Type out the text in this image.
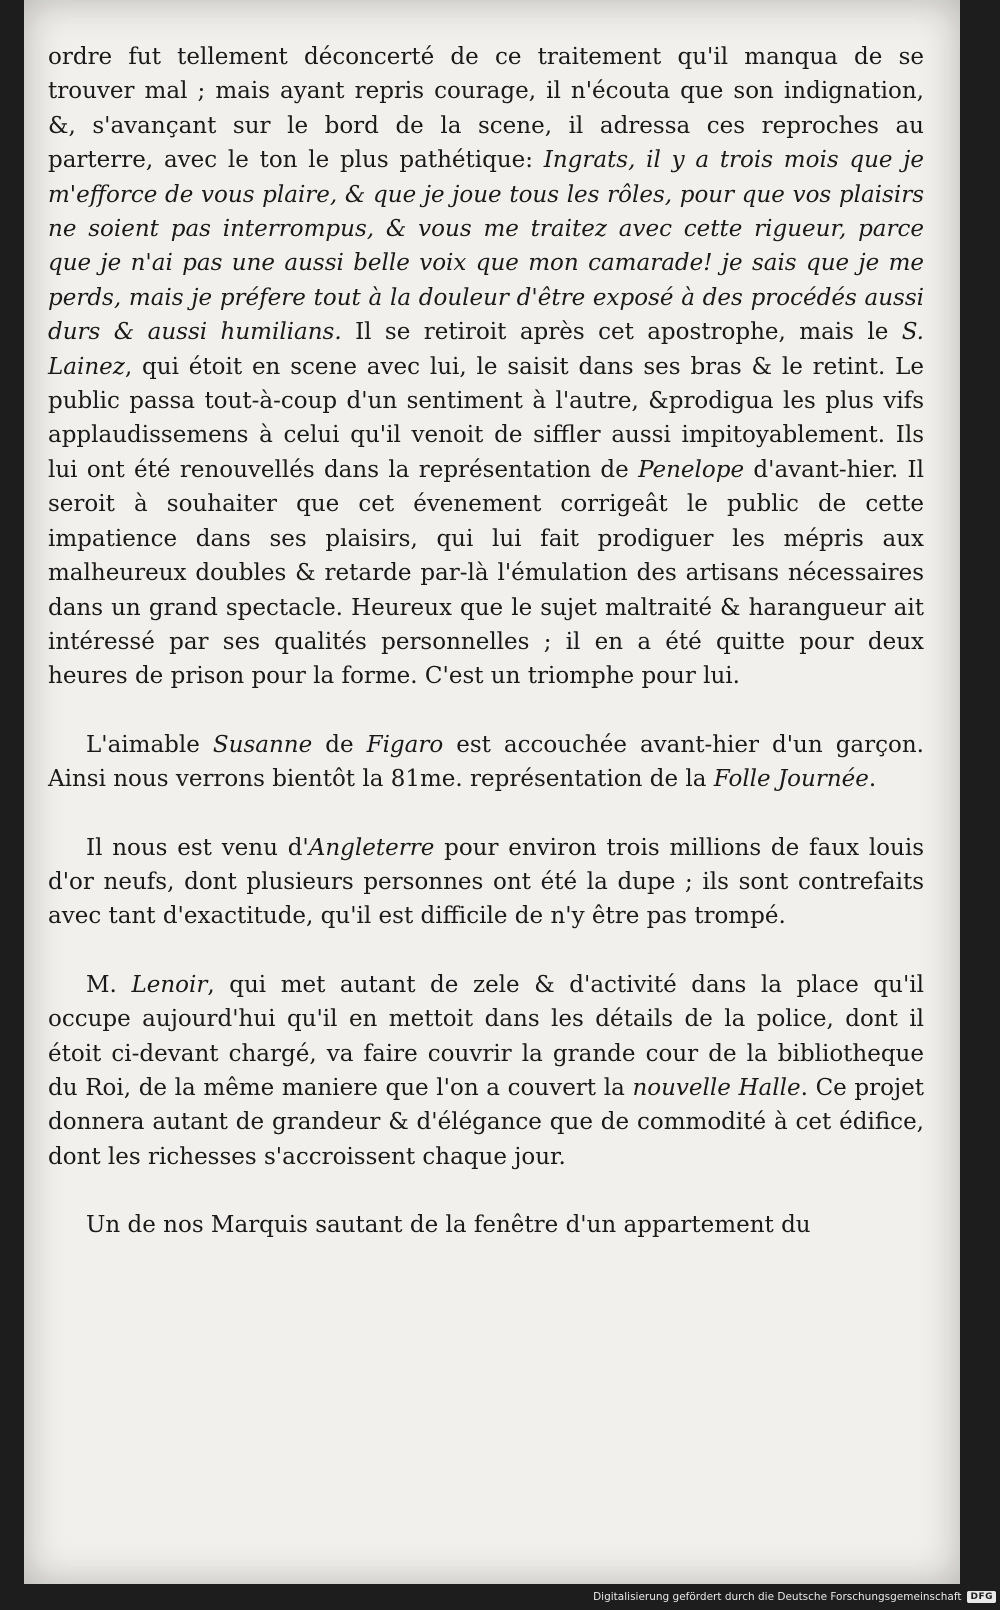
ordre fut tellement déconcerté de ce traitement qu'il manqua de se trouver mal ; mais ayant repris courage, il n'écouta que son indignation, &, s'avançant sur le bord de la scene, il adressa ces reproches au parterre, avec le ton le plus pathétique: Ingrats, il y a trois mois que je m'efforce de vous plaire, & que je joue tous les rôles, pour que vos plaisirs ne soient pas interrompus, & vous me traitez avec cette rigueur, parce que je n'ai pas une aussi belle voix que mon camarade! je sais que je me perds, mais je préfere tout à la douleur d'être exposé à des procédés aussi durs & aussi humilians. Il se retiroit après cet apostrophe, mais le S. Lainez, qui étoit en scene avec lui, le saisit dans ses bras & le retint. Le public passa tout-à-coup d'un sentiment à l'autre, &prodigua les plus vifs applaudissemens à celui qu'il venoit de siffler aussi impitoyablement. Ils lui ont été renouvellés dans la représentation de Penelope d'avant-hier. Il seroit à souhaiter que cet évenement corrigeât le public de cette impatience dans ses plaisirs, qui lui fait prodiguer les mépris aux malheureux doubles & retarde par-là l'émulation des artisans nécessaires dans un grand spectacle. Heureux que le sujet maltraité & harangueur ait intéressé par ses qualités personnelles ; il en a été quitte pour deux heures de prison pour la forme. C'est un triomphe pour lui.

L'aimable Susanne de Figaro est accouchée avant-hier d'un garçon. Ainsi nous verrons bientôt la 81me. représentation de la Folle Journée.

Il nous est venu d'Angleterre pour environ trois millions de faux louis d'or neufs, dont plusieurs personnes ont été la dupe ; ils sont contrefaits avec tant d'exactitude, qu'il est difficile de n'y être pas trompé.

M. Lenoir, qui met autant de zele & d'activité dans la place qu'il occupe aujourd'hui qu'il en mettoit dans les détails de la police, dont il étoit ci-devant chargé, va faire couvrir la grande cour de la bibliotheque du Roi, de la même maniere que l'on a couvert la nouvelle Halle. Ce projet donnera autant de grandeur & d'élégance que de commodité à cet édifice, dont les richesses s'accroissent chaque jour.

Un de nos Marquis sautant de la fenêtre d'un appartement du

Digitalisierung gefördert durch die Deutsche Forschungsgemeinschaft	DFG
